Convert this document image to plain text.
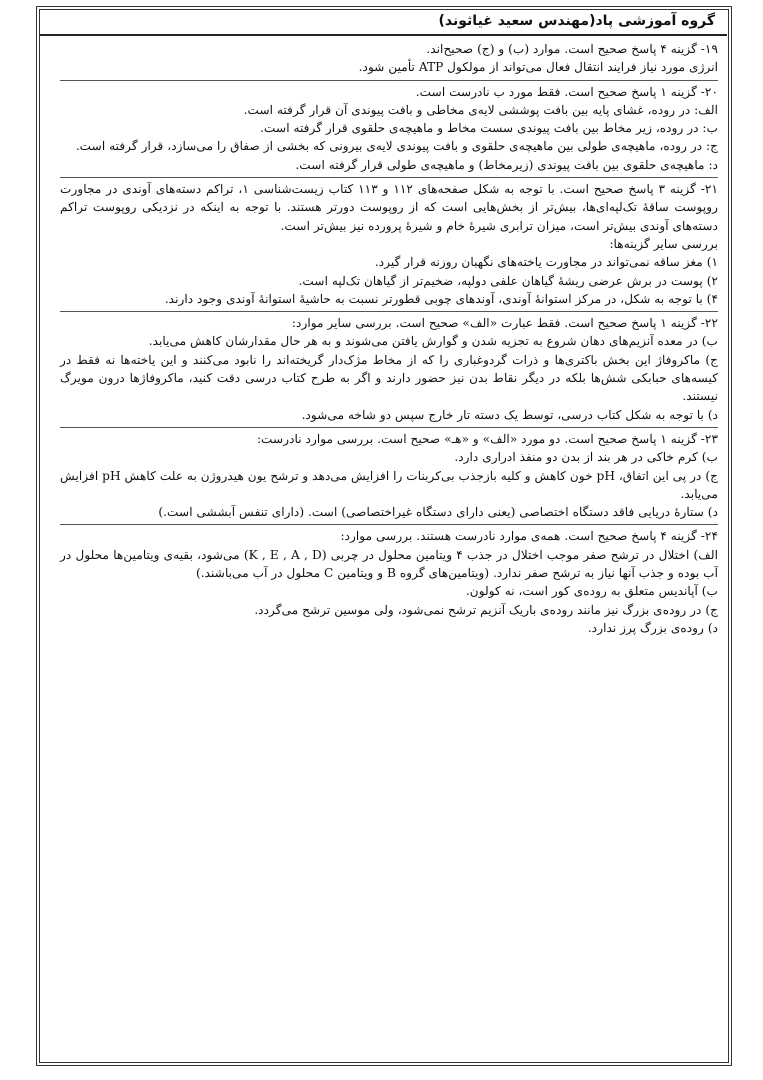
گروه آموزشی پاد(مهندس سعید غیاثوند)

۱۹- گزینه ۴ پاسخ صحیح است. موارد (ب) و (ج) صحیح‌اند.

انرژی مورد نیاز فرایند انتقال فعال می‌تواند از مولکول ATP تأمین شود.

۲۰- گزینه ۱ پاسخ صحیح است. فقط مورد ب نادرست است.

الف: در روده، غشای پایه بین بافت پوششی لایه‌ی مخاطی و بافت پیوندی آن قرار گرفته است.

ب: در روده، زیر مخاط بین بافت پیوندی سست مخاط و ماهیچه‌ی حلقوی قرار گرفته است.

ج: در روده، ماهیچه‌ی طولی بین ماهیچه‌ی حلقوی و بافت پیوندی لایه‌ی بیرونی که بخشی از صفاق را می‌سازد، قرار گرفته است.

د: ماهیچه‌ی حلقوی بین بافت پیوندی (زیرمخاط) و ماهیچه‌ی طولی قرار گرفته است.

۲۱- گزینه ۳ پاسخ صحیح است. با توجه به شکل صفحه‌های ۱۱۲ و ۱۱۳ کتاب زیست‌شناسی ۱، تراکم دسته‌های آوندی در مجاورت روپوست ساقهٔ تک‌لپه‌ای‌ها، بیش‌تر از بخش‌هایی است که از روپوست دورتر هستند. با توجه به اینکه در نزدیکی روپوست تراکم دسته‌های آوندی بیش‌تر است، میزان ترابری شیرهٔ خام و شیرهٔ پرورده نیز بیش‌تر است.

بررسی سایر گزینه‌ها:

۱) مغز ساقه نمی‌تواند در مجاورت یاخته‌های نگهبان روزنه قرار گیرد.

۲) پوست در برش عرضی ریشهٔ گیاهان علفی دولپه، ضخیم‌تر از گیاهان تک‌لپه است.

۴) با توجه به شکل، در مرکز استوانهٔ آوندی، آوندهای چوبی قطورتر نسبت به حاشیهٔ استوانهٔ آوندی وجود دارند.

۲۲- گزینه ۱ پاسخ صحیح است. فقط عبارت «الف» صحیح است. بررسی سایر موارد:

ب) در معده آنزیم‌های دهان شروع به تجزیه شدن و گوارش یافتن می‌شوند و به هر حال مقدارشان کاهش می‌یابد.

ج) ماکروفاژ این بخش باکتری‌ها و ذرات گردوغباری را که از مخاط مژک‌دار گریخته‌اند را نابود می‌کنند و این یاخته‌ها نه فقط در کیسه‌های حبابکی شش‌ها بلکه در دیگر نقاط بدن نیز حضور دارند و اگر به طرح کتاب درسی دقت کنید، ماکروفاژها درون مویرگ نیستند.

د) با توجه به شکل کتاب درسی، توسط یک دسته تار خارج سپس دو شاخه می‌شود.

۲۳- گزینه ۱ پاسخ صحیح است. دو مورد «الف» و «هـ» صحیح است. بررسی موارد نادرست:

ب) کرم خاکی در هر بند از بدن دو منفذ ادراری دارد.

ج) در پی این اتفاق، pH خون کاهش و کلیه بازجذب بی‌کربنات را افزایش می‌دهد و ترشح یون هیدروژن به علت کاهش pH افزایش می‌یابد.

د) ستارهٔ دریایی فاقد دستگاه اختصاصی (یعنی دارای دستگاه غیراختصاصی) است. (دارای تنفس آبششی است.)

۲۴- گزینه ۴ پاسخ صحیح است. همه‌ی موارد نادرست هستند. بررسی موارد:

الف) اختلال در ترشح صفر موجب اختلال در جذب ۴ ویتامین محلول در چربی (K , E , A , D) می‌شود، بقیه‌ی ویتامین‌ها محلول در آب بوده و جذب آنها نیاز به ترشح صفر ندارد. (ویتامین‌های گروه B و ویتامین C محلول در آب می‌باشند.)

ب) آپاندیس متعلق به روده‌ی کور است، نه کولون.

ج) در روده‌ی بزرگ نیز مانند روده‌ی باریک آنزیم ترشح نمی‌شود، ولی موسین ترشح می‌گردد.

د) روده‌ی بزرگ پرز ندارد.
